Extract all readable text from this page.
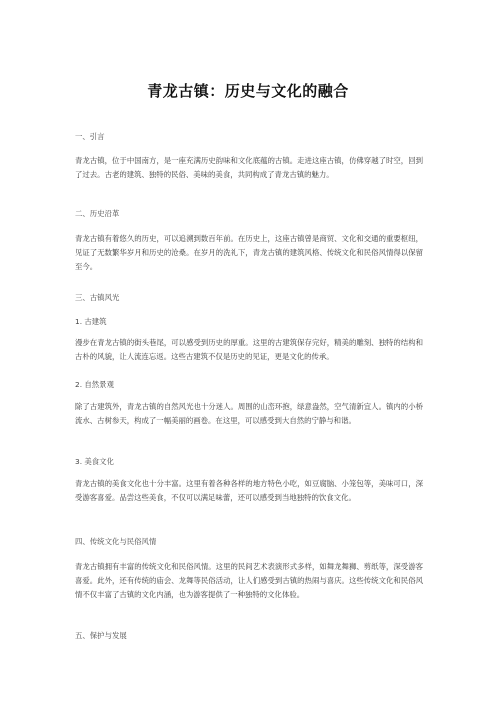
青龙古镇：历史与文化的融合
一、引言
青龙古镇，位于中国南方，是一座充满历史韵味和文化底蕴的古镇。走进这座古镇，仿佛穿越了时空，回到了过去。古老的建筑、独特的民俗、美味的美食，共同构成了青龙古镇的魅力。
二、历史沿革
青龙古镇有着悠久的历史，可以追溯到数百年前。在历史上，这座古镇曾是商贸、文化和交通的重要枢纽，见证了无数繁华岁月和历史的沧桑。在岁月的洗礼下，青龙古镇的建筑风格、传统文化和民俗风情得以保留至今。
三、古镇风光
1. 古建筑
漫步在青龙古镇的街头巷尾，可以感受到历史的厚重。这里的古建筑保存完好，精美的雕刻、独特的结构和古朴的风貌，让人流连忘返。这些古建筑不仅是历史的见证，更是文化的传承。
2. 自然景观
除了古建筑外，青龙古镇的自然风光也十分迷人。周围的山峦环抱，绿意盎然，空气清新宜人。镇内的小桥流水、古树参天，构成了一幅美丽的画卷。在这里，可以感受到大自然的宁静与和谐。
3. 美食文化
青龙古镇的美食文化也十分丰富。这里有着各种各样的地方特色小吃，如豆腐脑、小笼包等，美味可口，深受游客喜爱。品尝这些美食，不仅可以满足味蕾，还可以感受到当地独特的饮食文化。
四、传统文化与民俗风情
青龙古镇拥有丰富的传统文化和民俗风情。这里的民间艺术表演形式多样，如舞龙舞狮、剪纸等，深受游客喜爱。此外，还有传统的庙会、龙舞等民俗活动，让人们感受到古镇的热闹与喜庆。这些传统文化和民俗风情不仅丰富了古镇的文化内涵，也为游客提供了一种独特的文化体验。
五、保护与发展
